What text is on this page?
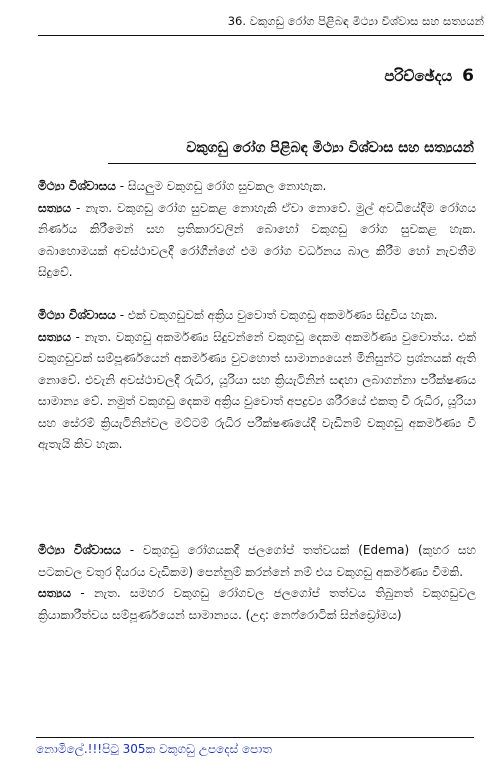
36. වකුගඩු රෝග පිළිබඳ මිථ්‍යා විශ්වාස සහ සත්‍යයන්
පරිච්ඡේදය 6
වකුගඩු රෝග පිළිබඳ මිථ්‍යා විශ්වාස සහ සත්‍යයන්

මිථ්‍යා විශ්වාසය - සියලුම වකුගඩු රෝග සුවකල නොහැක.

සත්‍යය - නැත. වකුගඩු රෝග සුවකළ නොහැකි ඒවා නොවේ. මුල් අවධියේදීම රෝගය නිර්ණය කිරීමෙන් සහ ප්‍රතිකාරවලින් බොහෝ වකුගඩු රෝග සුවකළ හැක. බොහොමයක් අවස්ථාවලදී රෝගීන්ගේ එම රෝග වර්ධනය බාල කිරීම හෝ නැවතීම සිදුවේ.

මිථ්‍යා විශ්වාසය - එක් වකුගඩුවක් අක්‍රිය වුවොත් වකුගඩු අකර්මණ්‍ය සිදුවිය හැක.

සත්‍යය - නැත. වකුගඩු අකර්මණ්‍ය සිදුවන්නේ වකුගඩු දෙකම අකර්මණ්‍ය වුවොත්ය. එක් වකුගඩුවක් සම්පූර්ණයෙන් අකර්මණ්‍ය වුවහොත් සාමාන්‍යයෙන් මිනිසුන්ට ප්‍රශ්නයක් ඇති නොවේ. එවැනි අවස්ථාවලදී රුධිර, යූරියා සහ ක්‍රියැටිනින් සඳහා ලබාගන්නා පරීක්ෂණය සාමාන්‍ය වේ. නමුත් වකුගඩු දෙකම අක්‍රිය වුවොත් අපද්‍රව්‍ය ශරීරයේ එකතු වී රුධිර, යූරියා සහ සේරම් ක්‍රියැටිනින්වල මට්ටම් රුධිර පරීක්ෂණයේදී වැඩිනම් වකුගඩු අකර්මණ්‍ය වී ඇතැයි කිව හැක.

මිථ්‍යා විශ්වාසය - වකුගඩු රෝගයකදී ජලගෝප් තත්වයක් (Edema) (කුහර සහ පටකවල වතුර දියරය වැඩිකම) පෙන්නුම් කරන්නේ නම් එය වකුගඩු අකර්මණ්‍ය වීමකි.

සත්‍යය - නැත. සමහර වකුගඩු රෝගවල ජලගෝප් තත්වය තිබුනත් වකුගඩුවල ක්‍රියාකාරීත්වය සම්පූර්ණයෙන් සාමාන්‍යය. (උදා: නෙෆ්රොටික් සින්ඩ්‍රෝමය)

නොමිලේ.!!!පිටු 305ක වකුගඩු උපදෙස් පොත
